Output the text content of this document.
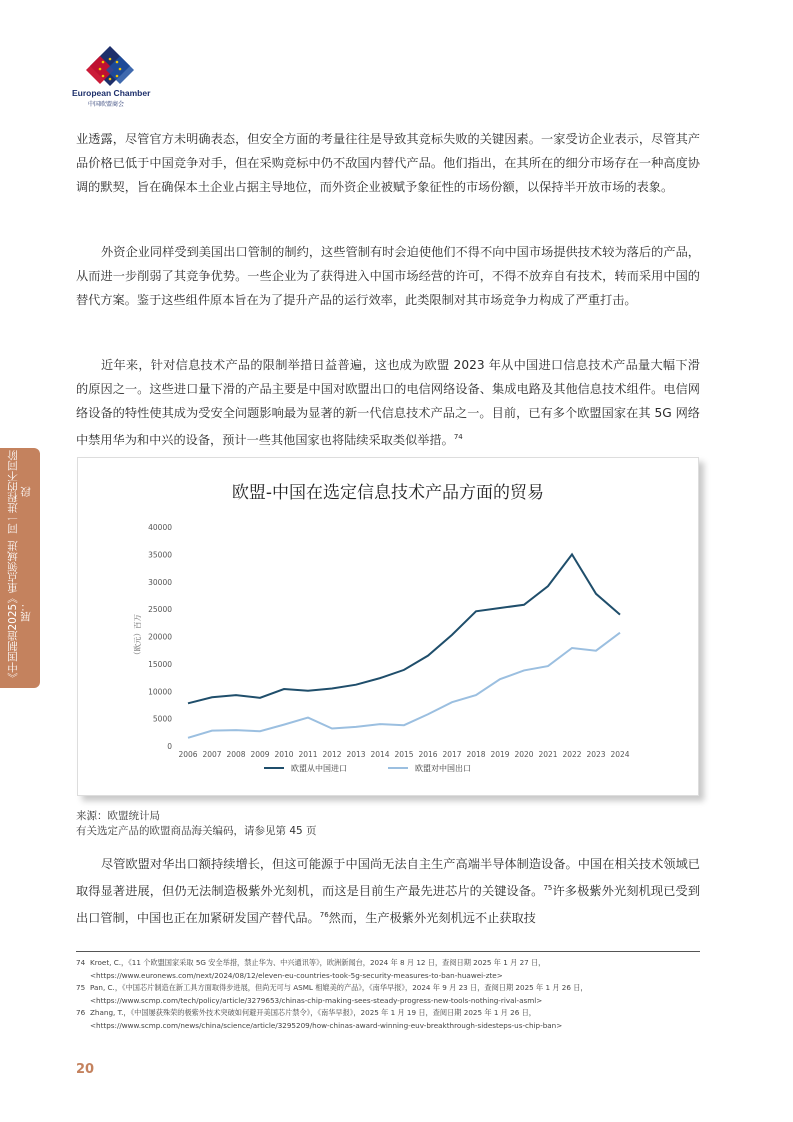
European Chamber
中国欧盟商会

业透露，尽管官方未明确表态，但安全方面的考量往往是导致其竞标失败的关键因素。一家受访企业表示，尽管其产品价格已低于中国竞争对手，但在采购竞标中仍不敌国内替代产品。他们指出，在其所在的细分市场存在一种高度协调的默契，旨在确保本土企业占据主导地位，而外资企业被赋予象征性的市场份额，以保持半开放市场的表象。

外资企业同样受到美国出口管制的制约，这些管制有时会迫使他们不得不向中国市场提供技术较为落后的产品，从而进一步削弱了其竞争优势。一些企业为了获得进入中国市场经营的许可，不得不放弃自有技术，转而采用中国的替代方案。鉴于这些组件原本旨在为了提升产品的运行效率，此类限制对其市场竞争力构成了严重打击。

近年来，针对信息技术产品的限制举措日益普遍，这也成为欧盟 2023 年从中国进口信息技术产品量大幅下滑的原因之一。这些进口量下滑的产品主要是中国对欧盟出口的电信网络设备、集成电路及其他信息技术组件。电信网络设备的特性使其成为受安全问题影响最为显著的新一代信息技术产品之一。目前，已有多个欧盟国家在其 5G 网络中禁用华为和中兴的设备，预计一些其他国家也将陆续采取类似举措。$^{74}$

《中国制造2025》重点领域进展：

同一进程的不同阶段	欧盟-中国在选定信息技术产品方面的贸易
0
5000
10000
15000
20000
25000
30000
35000
40000
2006 2007 2008 2009 2010 2011 2012 2013 2014 2015 2016 2017 2018 2019 2020 2021 2022 2023 2024
（欧元）百万
欧盟从中国进口	欧盟对中国出口
来源：欧盟统计局
有关选定产品的欧盟商品海关编码，请参见第 45 页

尽管欧盟对华出口额持续增长，但这可能源于中国尚无法自主生产高端半导体制造设备。中国在相关技术领域已取得显著进展，但仍无法制造极紫外光刻机，而这是目前生产最先进芯片的关键设备。$^{75}$许多极紫外光刻机现已受到出口管制，中国也正在加紧研发国产替代品。$^{76}$然而，生产极紫外光刻机远不止获取技

74 Kroet, C.，《11 个欧盟国家采取 5G 安全举措，禁止华为、中兴通讯等》，欧洲新闻台，2024 年 8 月 12 日，查阅日期 2025 年 1 月 27 日，<https://www.euronews.com/next/2024/08/12/eleven-eu-countries-took-5g-security-measures-to-ban-huawei-zte>
75 Pan, C.，《中国芯片制造在新工具方面取得步进展，但尚无可与 ASML 相媲美的产品》，《南华早报》，2024 年 9 月 23 日，查阅日期 2025 年 1 月 26 日，<https://www.scmp.com/tech/policy/article/3279653/chinas-chip-making-sees-steady-progress-new-tools-nothing-rival-asml>
76 Zhang, T.，《中国屡获殊荣的极紫外技术突破如何避开美国芯片禁令》，《南华早报》，2025 年 1 月 19 日，查阅日期 2025 年 1 月 26 日，<https://www.scmp.com/news/china/science/article/3295209/how-chinas-award-winning-euv-breakthrough-sidesteps-us-chip-ban>
20
